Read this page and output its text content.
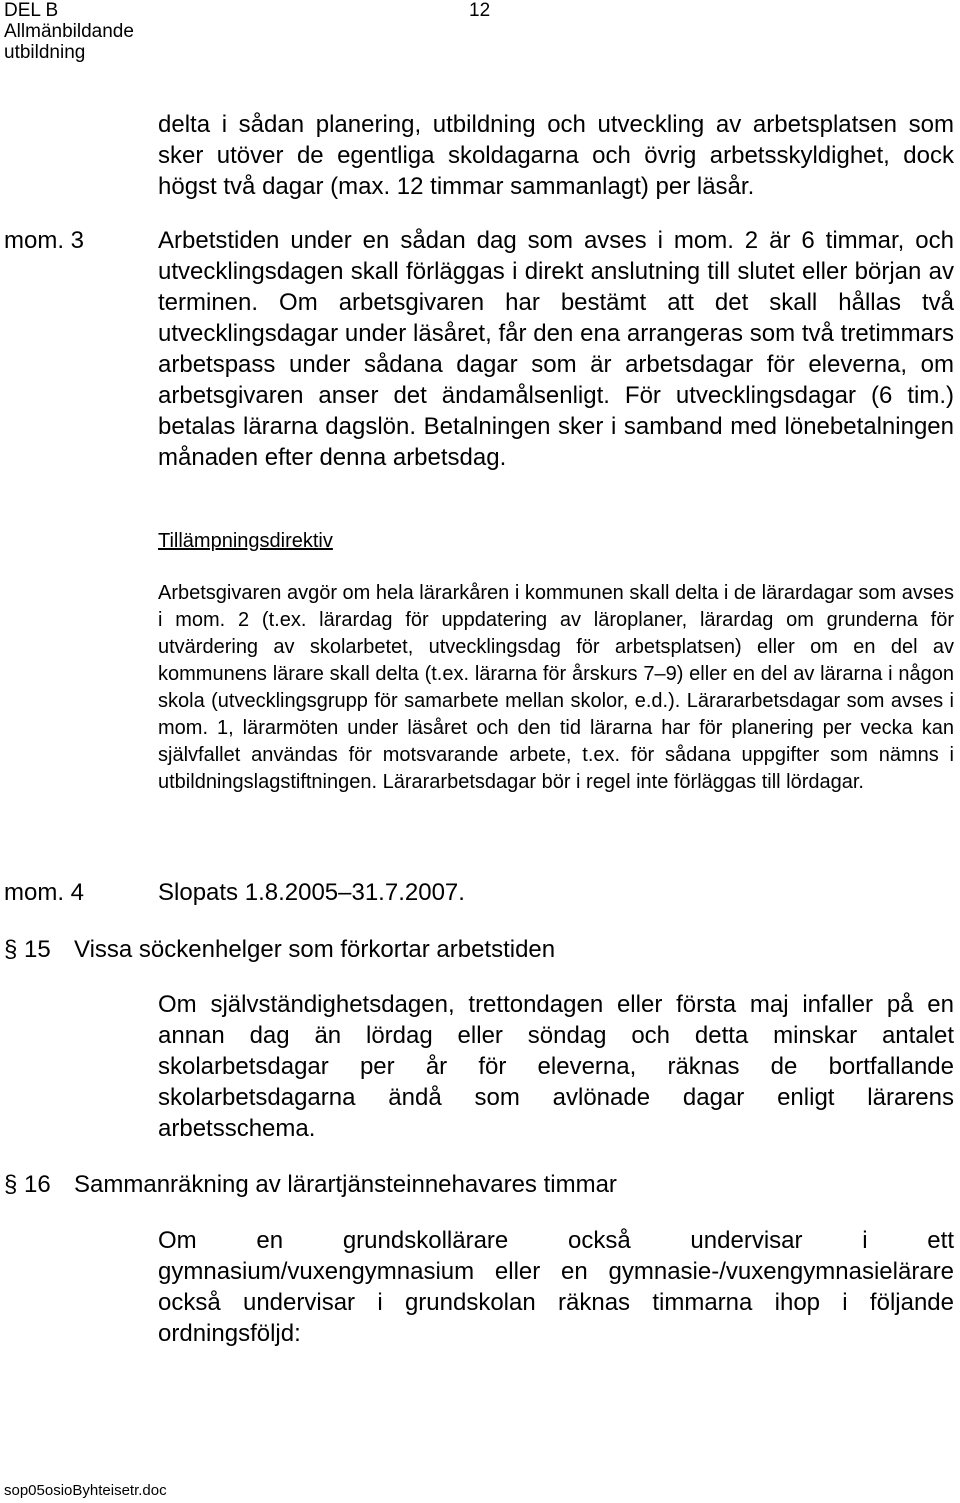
DEL B
Allmänbildande
utbildning
12

delta i sådan planering, utbildning och utveckling av arbetsplatsen som sker utöver de egentliga skoldagarna och övrig arbetsskyldighet, dock högst två dagar (max. 12 timmar sammanlagt) per läsår.

mom. 3	Arbetstiden under en sådan dag som avses i mom. 2 är 6 timmar, och utvecklingsdagen skall förläggas i direkt anslutning till slutet eller början av terminen. Om arbetsgivaren har bestämt att det skall hållas två utvecklingsdagar under läsåret, får den ena arrangeras som två tretimmars arbetspass under sådana dagar som är arbetsdagar för eleverna, om arbetsgivaren anser det ändamålsenligt. För utvecklingsdagar (6 tim.) betalas lärarna dagslön. Betalningen sker i samband med lönebetalningen månaden efter denna arbetsdag.

Tillämpningsdirektiv

Arbetsgivaren avgör om hela lärarkåren i kommunen skall delta i de lärardagar som avses i mom. 2 (t.ex. lärardag för uppdatering av läroplaner, lärardag om grunderna för utvärdering av skolarbetet, utvecklingsdag för arbetsplatsen) eller om en del av kommunens lärare skall delta (t.ex. lärarna för årskurs 7–9) eller en del av lärarna i någon skola (utvecklingsgrupp för samarbete mellan skolor, e.d.). Lärararbetsdagar som avses i mom. 1, lärarmöten under läsåret och den tid lärarna har för planering per vecka kan självfallet användas för motsvarande arbete, t.ex. för sådana uppgifter som nämns i utbildningslagstiftningen. Lärararbetsdagar bör i regel inte förläggas till lördagar.

mom. 4	Slopats 1.8.2005–31.7.2007.
§ 15 Vissa söckenhelger som förkortar arbetstiden

Om självständighetsdagen, trettondagen eller första maj infaller på en annan dag än lördag eller söndag och detta minskar antalet skolarbetsdagar per år för eleverna, räknas de bortfallande skolarbetsdagarna ändå som avlönade dagar enligt lärarens arbetsschema.

§ 16 Sammanräkning av lärartjänsteinnehavares timmar

Om en grundskollärare också undervisar i ett gymnasium/vuxengymnasium eller en gymnasie-/vuxengymnasielärare också undervisar i grundskolan räknas timmarna ihop i följande ordningsföljd:

sop05osioByhteisetr.doc
